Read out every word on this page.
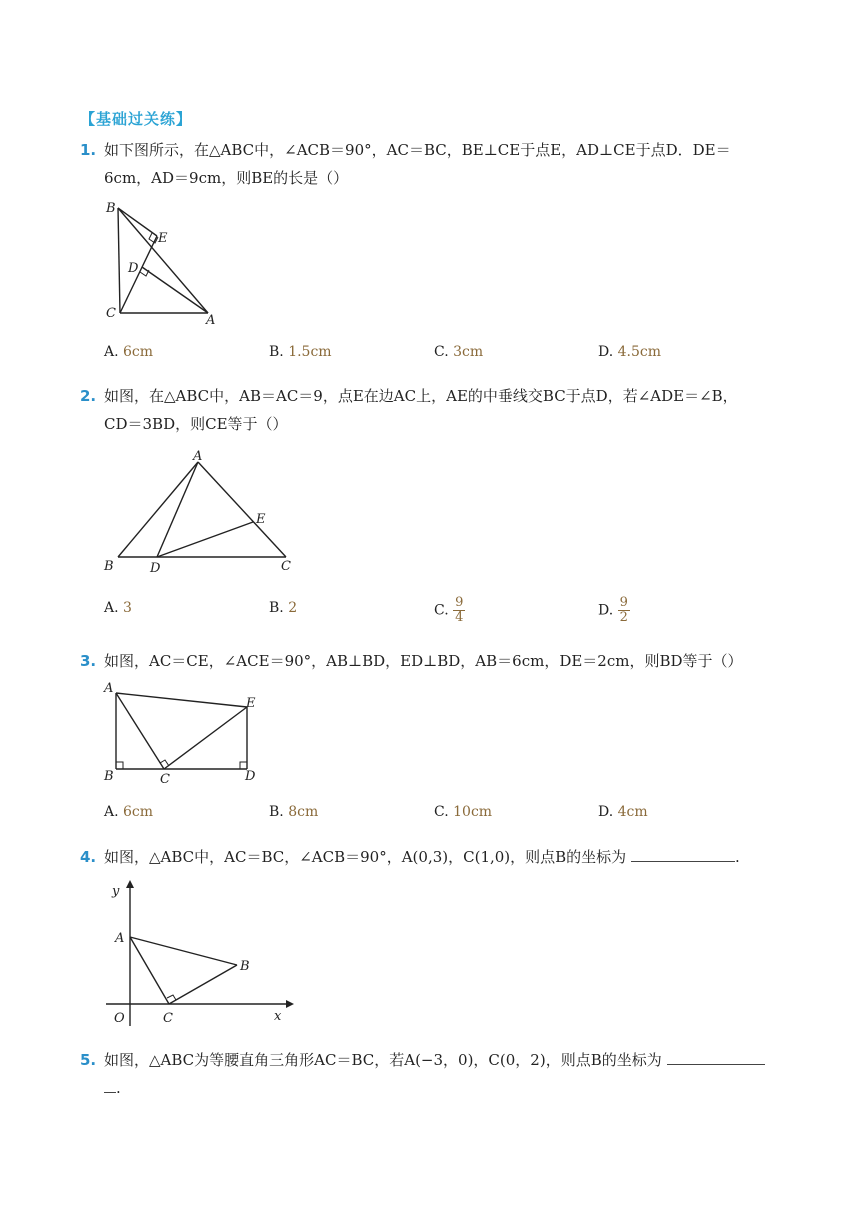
【基础过关练】
1. 如下图所示，在△ABC中，∠ACB＝90°，AC＝BC，BE⊥CE于点E，AD⊥CE于点D．DE＝
6cm，AD＝9cm，则BE的长是（）
B
E
D
C	A
A. 6cm	B. 1.5cm	C. 3cm	D. 4.5cm
2. 如图，在△ABC中，AB＝AC＝9，点E在边AC上，AE的中垂线交BC于点D，若∠ADE＝∠B，
CD＝3BD，则CE等于（）
A
E
B	D	C
A. 3	B. 2	C. $\frac{9}{4}$	D. $\frac{9}{2}$
3. 如图，AC＝CE，∠ACE＝90°，AB⊥BD，ED⊥BD，AB＝6cm，DE＝2cm，则BD等于（）
A
E
B	C	D
A. 6cm	B. 8cm	C. 10cm	D. 4cm
4. 如图，△ABC中，AC＝BC，∠ACB＝90°，A(0,3)，C(1,0)，则点B的坐标为	.
y
A
B
O	C	x
5. 如图，△ABC为等腰直角三角形AC＝BC，若A(−3，0)，C(0，2)，则点B的坐标为
.
